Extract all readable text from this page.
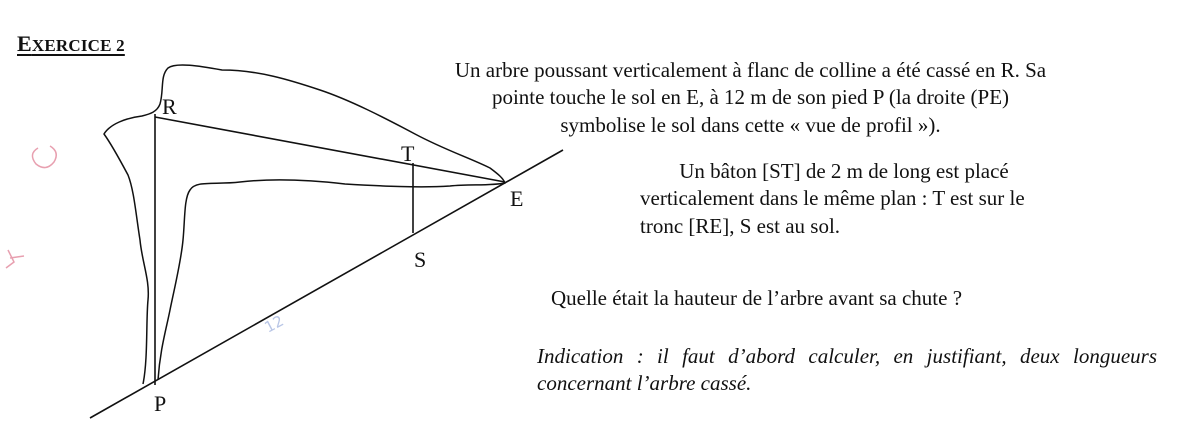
EXERCICE 2
12
R
T
E
S
P
Un arbre poussant verticalement à flanc de colline a été cassé en R. Sa
pointe touche le sol en E, à 12 m de son pied P (la droite (PE)
symbolise le sol dans cette « vue de profil »).
Un bâton [ST] de 2 m de long est placé
verticalement dans le même plan : T est sur le
tronc [RE], S est au sol.
Quelle était la hauteur de l’arbre avant sa chute ?
Indication : il faut d’abord calculer, en justifiant, deux longueurs concernant l’arbre cassé.
